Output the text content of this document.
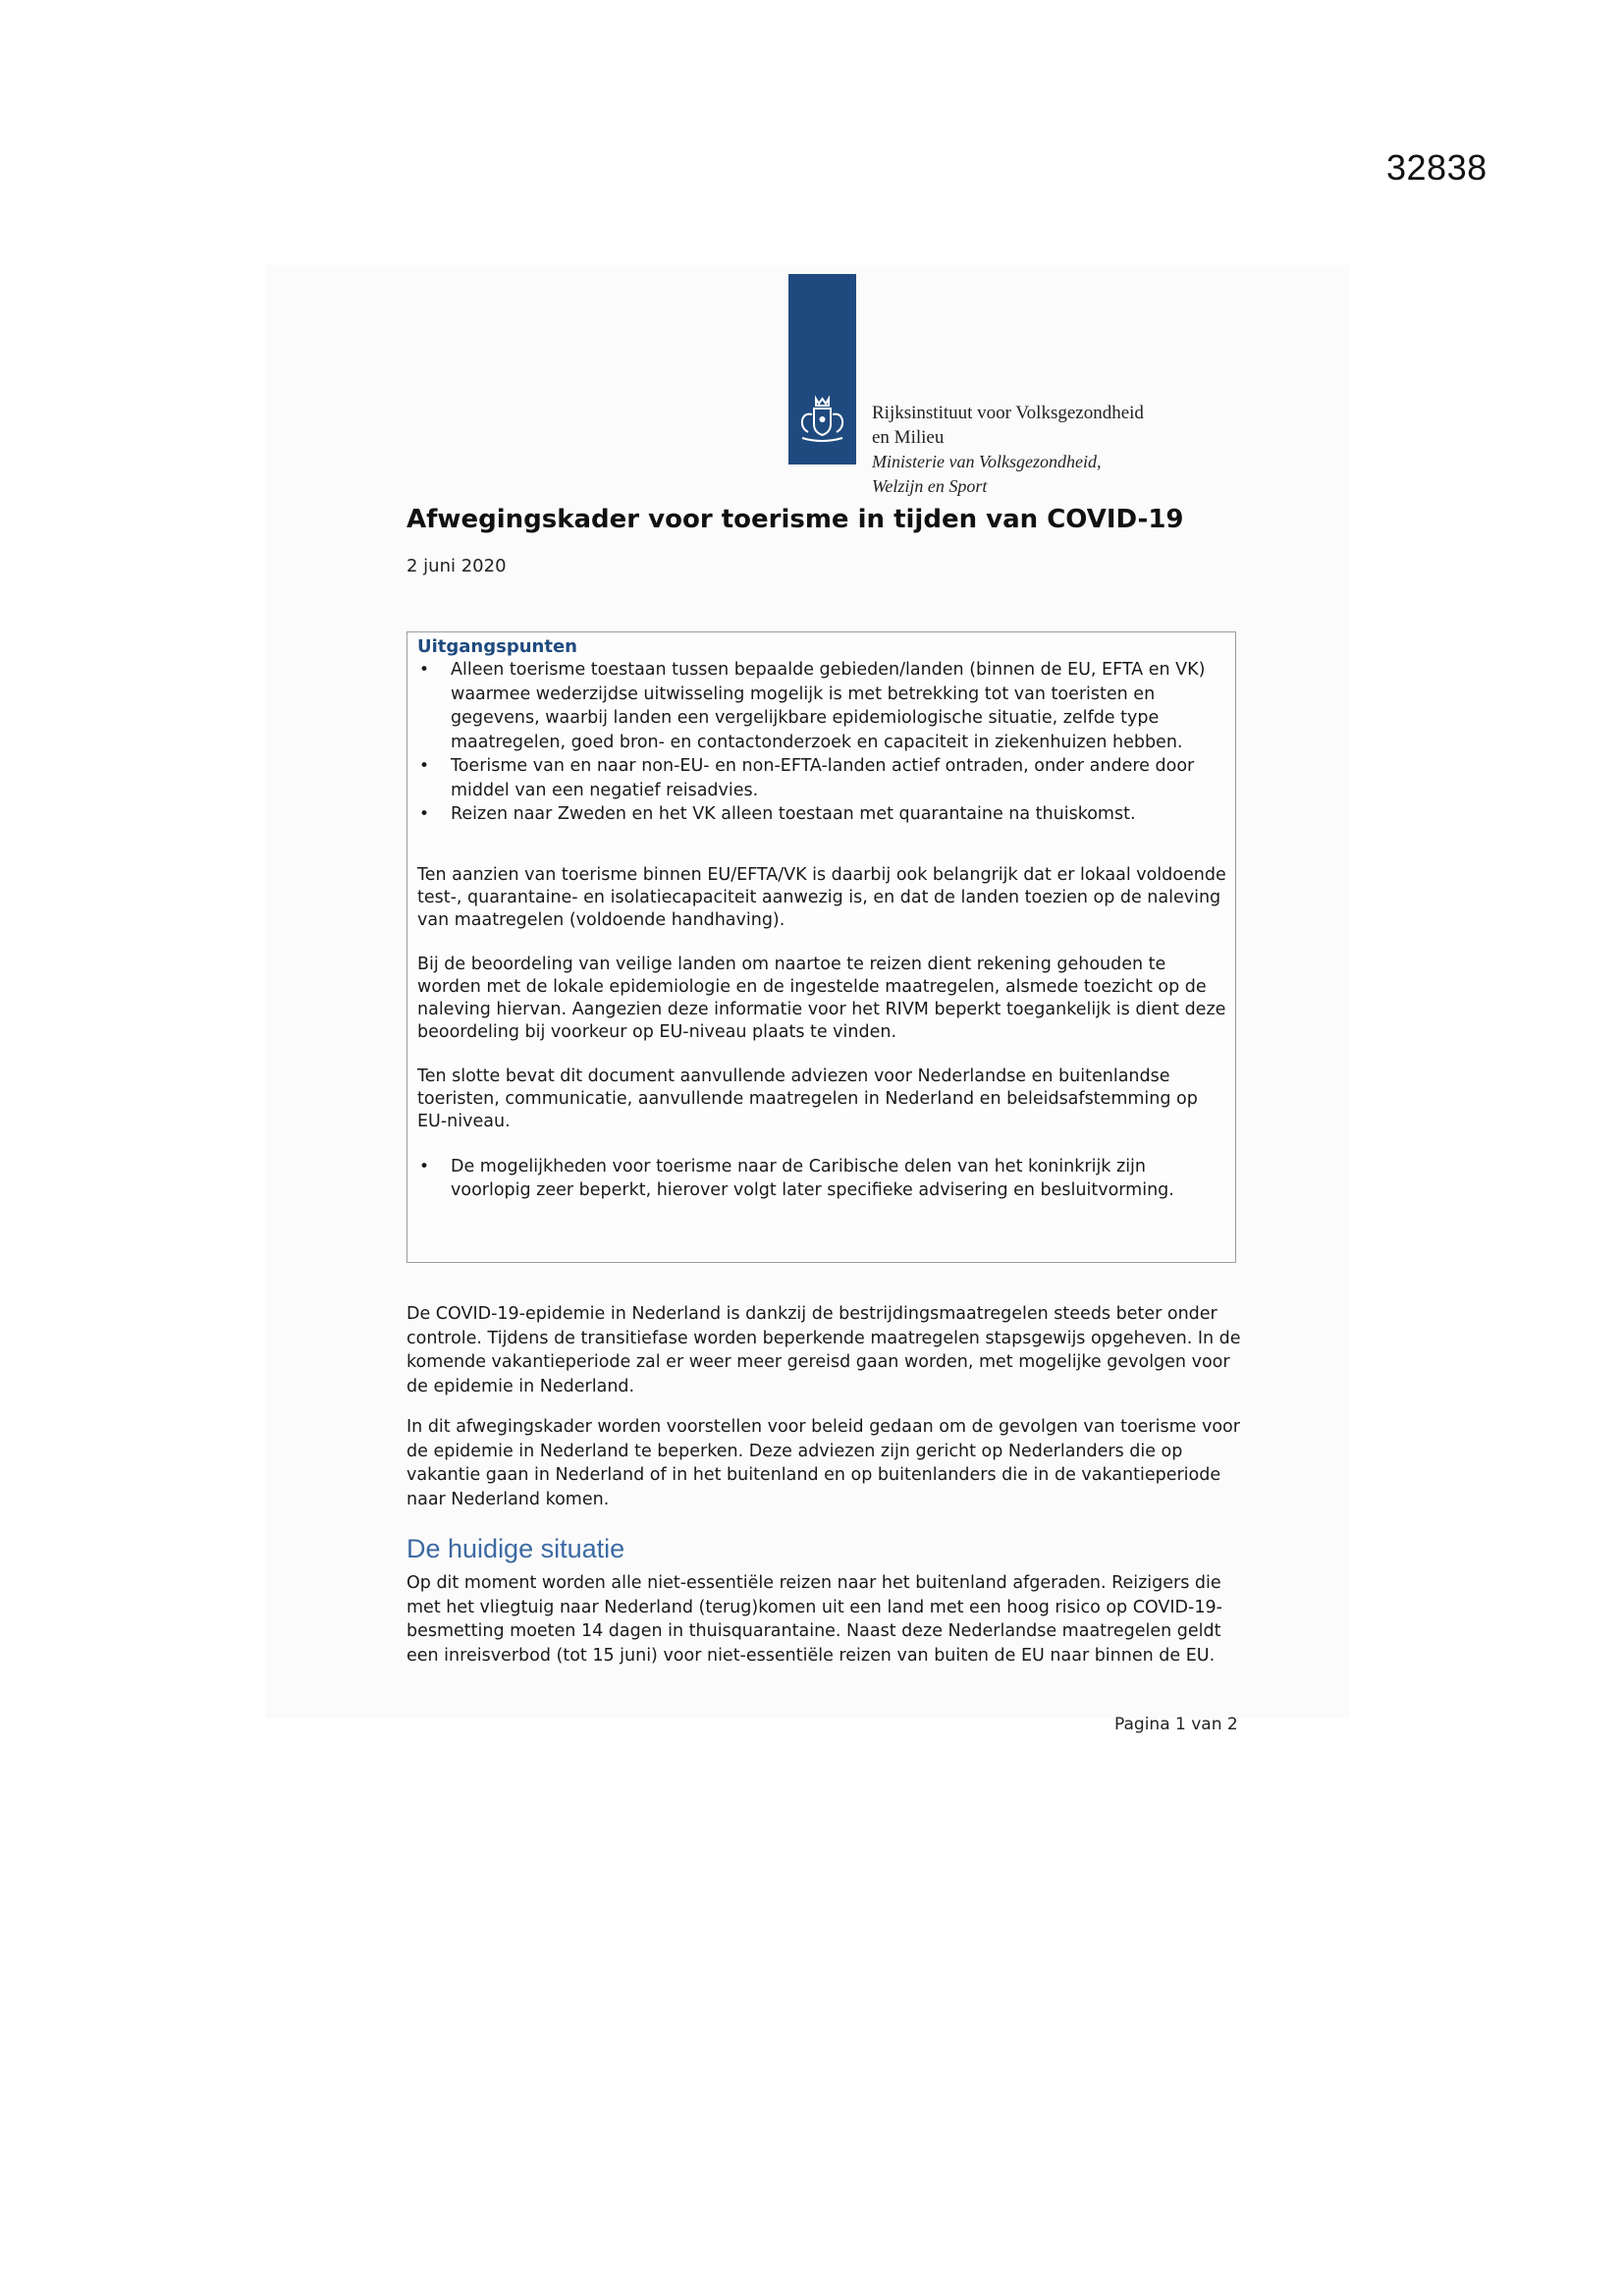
32838
Rijksinstituut voor Volksgezondheid
en Milieu
Ministerie van Volksgezondheid,
Welzijn en Sport
Afwegingskader voor toerisme in tijden van COVID-19
2 juni 2020
Uitgangspunten
• Alleen toerisme toestaan tussen bepaalde gebieden/landen (binnen de EU, EFTA en VK) waarmee wederzijdse uitwisseling mogelijk is met betrekking tot van toeristen en gegevens, waarbij landen een vergelijkbare epidemiologische situatie, zelfde type maatregelen, goed bron- en contactonderzoek en capaciteit in ziekenhuizen hebben.
• Toerisme van en naar non-EU- en non-EFTA-landen actief ontraden, onder andere door middel van een negatief reisadvies.
• Reizen naar Zweden en het VK alleen toestaan met quarantaine na thuiskomst.

Ten aanzien van toerisme binnen EU/EFTA/VK is daarbij ook belangrijk dat er lokaal voldoende test-, quarantaine- en isolatiecapaciteit aanwezig is, en dat de landen toezien op de naleving van maatregelen (voldoende handhaving).

Bij de beoordeling van veilige landen om naartoe te reizen dient rekening gehouden te worden met de lokale epidemiologie en de ingestelde maatregelen, alsmede toezicht op de naleving hiervan. Aangezien deze informatie voor het RIVM beperkt toegankelijk is dient deze beoordeling bij voorkeur op EU-niveau plaats te vinden.

Ten slotte bevat dit document aanvullende adviezen voor Nederlandse en buitenlandse toeristen, communicatie, aanvullende maatregelen in Nederland en beleidsafstemming op EU-niveau.

• De mogelijkheden voor toerisme naar de Caribische delen van het koninkrijk zijn voorlopig zeer beperkt, hierover volgt later specifieke advisering en besluitvorming.

De COVID-19-epidemie in Nederland is dankzij de bestrijdingsmaatregelen steeds beter onder controle. Tijdens de transitiefase worden beperkende maatregelen stapsgewijs opgeheven. In de komende vakantieperiode zal er weer meer gereisd gaan worden, met mogelijke gevolgen voor de epidemie in Nederland.

In dit afwegingskader worden voorstellen voor beleid gedaan om de gevolgen van toerisme voor de epidemie in Nederland te beperken. Deze adviezen zijn gericht op Nederlanders die op vakantie gaan in Nederland of in het buitenland en op buitenlanders die in de vakantieperiode naar Nederland komen.

De huidige situatie

Op dit moment worden alle niet-essentiële reizen naar het buitenland afgeraden. Reizigers die met het vliegtuig naar Nederland (terug)komen uit een land met een hoog risico op COVID-19-besmetting moeten 14 dagen in thuisquarantaine. Naast deze Nederlandse maatregelen geldt een inreisverbod (tot 15 juni) voor niet-essentiële reizen van buiten de EU naar binnen de EU.

Pagina 1 van 2
